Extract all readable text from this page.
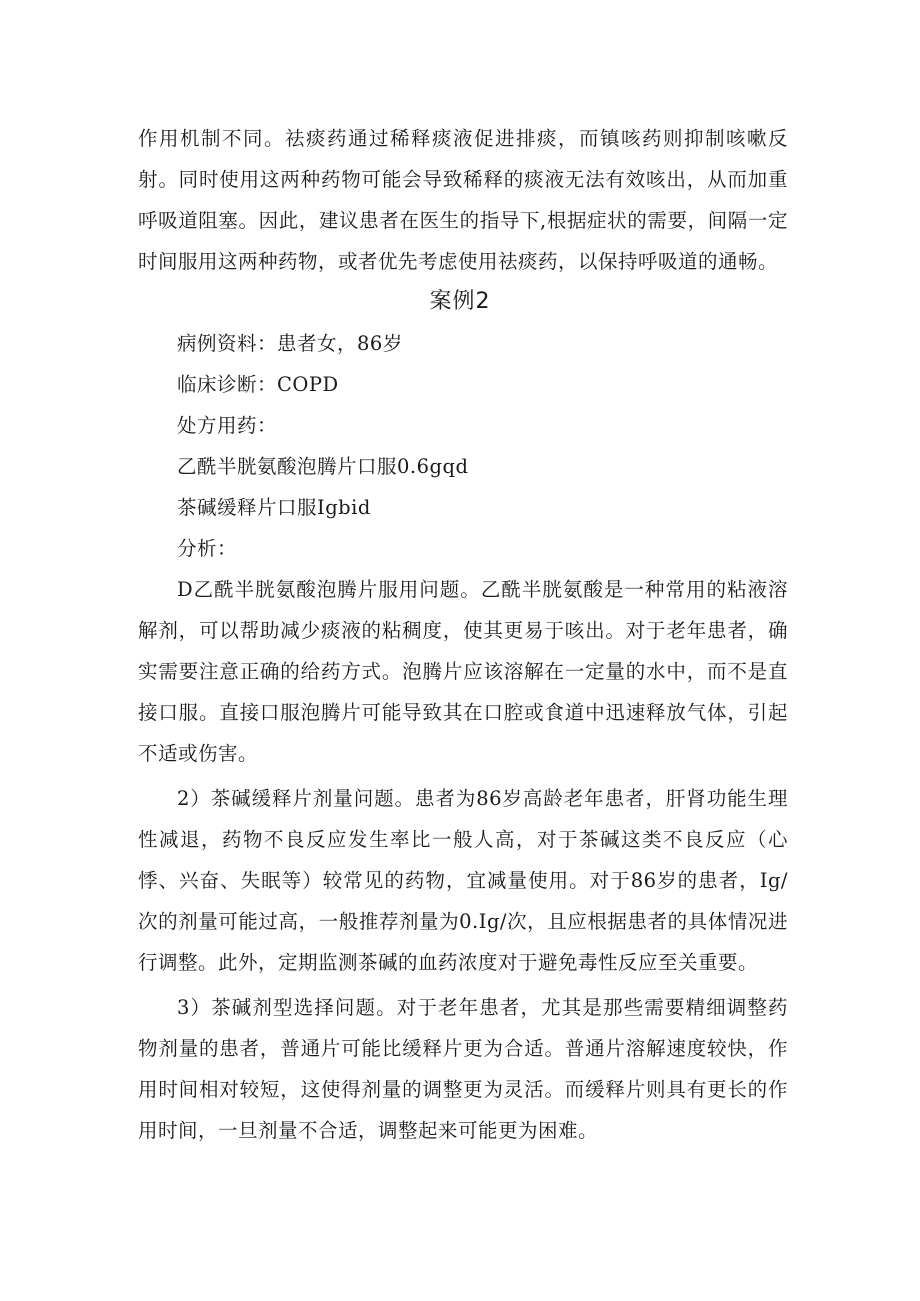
作用机制不同。祛痰药通过稀释痰液促进排痰，而镇咳药则抑制咳嗽反射。同时使用这两种药物可能会导致稀释的痰液无法有效咳出，从而加重呼吸道阻塞。因此，建议患者在医生的指导下,根据症状的需要，间隔一定时间服用这两种药物，或者优先考虑使用祛痰药，以保持呼吸道的通畅。

案例2

病例资料：患者女，86岁

临床诊断：COPD

处方用药：

乙酰半胱氨酸泡腾片口服0.6gqd

茶碱缓释片口服Igbid

分析：

D乙酰半胱氨酸泡腾片服用问题。乙酰半胱氨酸是一种常用的粘液溶解剂，可以帮助减少痰液的粘稠度，使其更易于咳出。对于老年患者，确实需要注意正确的给药方式。泡腾片应该溶解在一定量的水中，而不是直接口服。直接口服泡腾片可能导致其在口腔或食道中迅速释放气体，引起不适或伤害。

2）茶碱缓释片剂量问题。患者为86岁高龄老年患者，肝肾功能生理性减退，药物不良反应发生率比一般人高，对于茶碱这类不良反应（心悸、兴奋、失眠等）较常见的药物，宜减量使用。对于86岁的患者，Ig/次的剂量可能过高，一般推荐剂量为0.Ig/次，且应根据患者的具体情况进行调整。此外，定期监测茶碱的血药浓度对于避免毒性反应至关重要。

3）茶碱剂型选择问题。对于老年患者，尤其是那些需要精细调整药物剂量的患者，普通片可能比缓释片更为合适。普通片溶解速度较快，作用时间相对较短，这使得剂量的调整更为灵活。而缓释片则具有更长的作用时间，一旦剂量不合适，调整起来可能更为困难。
